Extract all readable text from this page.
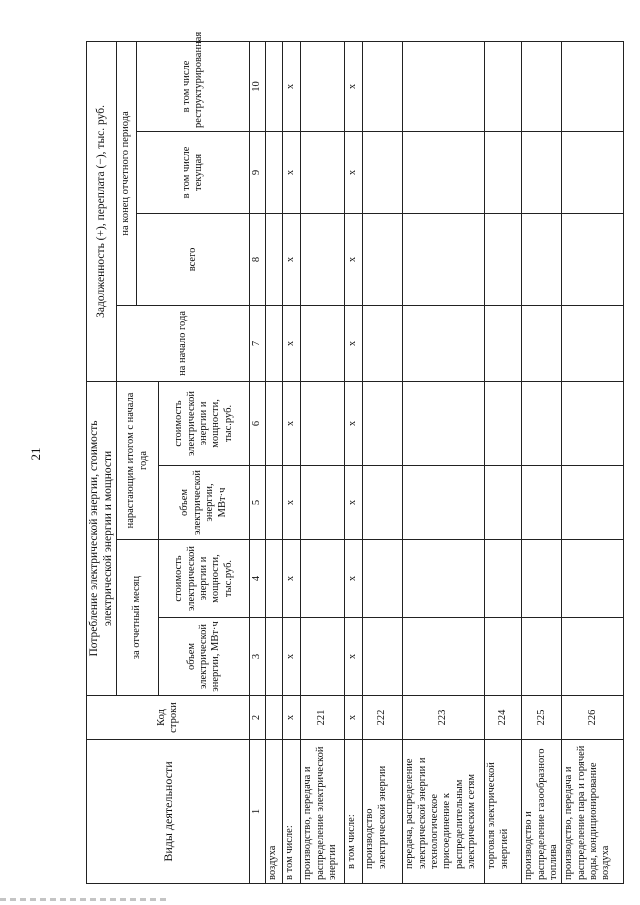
21
Виды деятельности	Код строки	Потребление электрической энергии, стоимость электрической энергии и мощности				Задолженность (+), переплата (−), тыс. руб.			
		за отчетный месяц		нарастающим итогом с начала года		на начало года	на конец отчетного периода		
							всего	в том числе текущая	в том числе реструктурированная
		объем электрической энергии, МВт·ч	стоимость электрической энергии и мощности, тыс.руб.	объем электрической энергии, МВт·ч	стоимость электрической энергии и мощности, тыс.руб.				
1	2	3	4	5	6	7	8	9	10
воздуха									
в том числе:	х	х	х	х	х	х	х	х	х
производство, передача и распределение электрической энергии	221								
в том числе:	х	х	х	х	х	х	х	х	х
производство электрической энергии	222								
передача, распределение электрической энергии и технологическое присоединение к распределительным электрическим сетям	223								
торговля электрической энергией	224								
производство и распределение газообразного топлива	225								
производство, передача и распределение пара и горячей воды, кондиционирование воздуха	226								
